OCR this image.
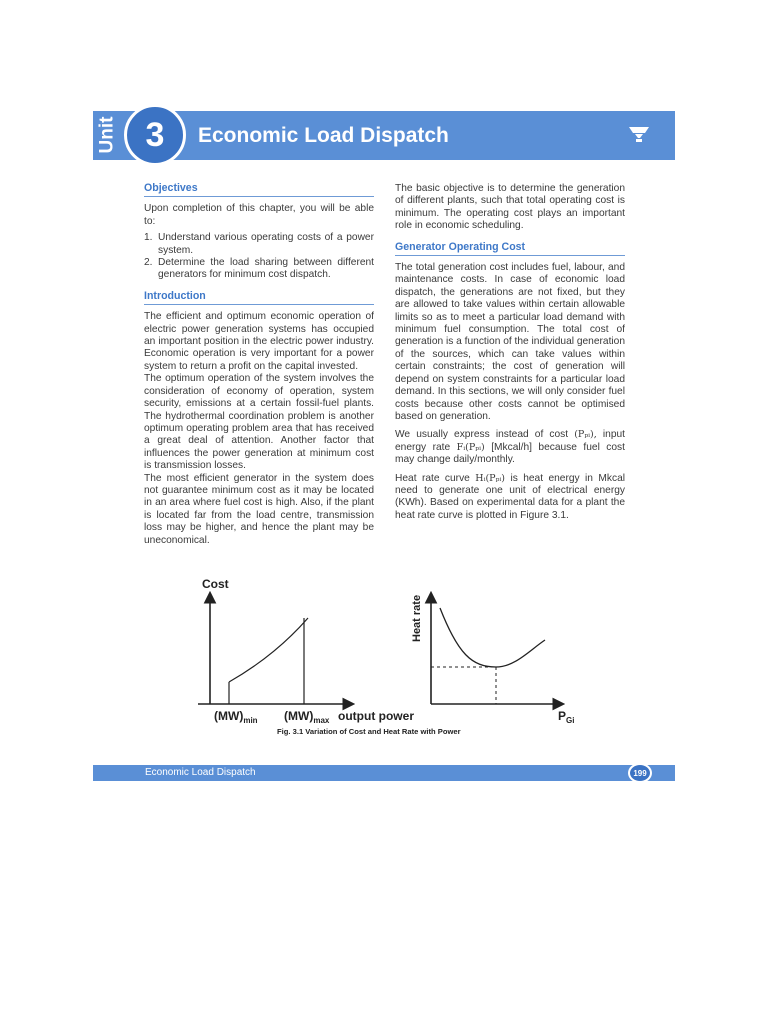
Unit 3	Economic Load Dispatch
Objectives

Upon completion of this chapter, you will be able to:

1. Understand various operating costs of a power system.
2. Determine the load sharing between different generators for minimum cost dispatch.
Introduction

The efficient and optimum economic operation of electric power generation systems has occupied an important position in the electric power industry. Economic operation is very important for a power system to return a profit on the capital invested.

The optimum operation of the system involves the consideration of economy of operation, system security, emissions at a certain fossil-fuel plants. The hydrothermal coordination problem is another optimum operating problem area that has received a great deal of attention. Another factor that influences the power generation at minimum cost is transmission losses.

The most efficient generator in the system does not guarantee minimum cost as it may be located in an area where fuel cost is high. Also, if the plant is located far from the load centre, transmission loss may be higher, and hence the plant may be uneconomical.

The basic objective is to determine the generation of different plants, such that total operating cost is minimum. The operating cost plays an important role in economic scheduling.

Generator Operating Cost

The total generation cost includes fuel, labour, and maintenance costs. In case of economic load dispatch, the generations are not fixed, but they are allowed to take values within certain allowable limits so as to meet a particular load demand with minimum fuel consumption. The total cost of generation is a function of the individual generation of the sources, which can take values within certain constraints; the cost of generation will depend on system constraints for a particular load demand. In this sections, we will only consider fuel costs because other costs cannot be optimised based on generation.

We usually express instead of cost (Pₚᵢ), input energy rate Fᵢ(Pₚᵢ) [Mkcal/h] because fuel cost may change daily/monthly.

Heat rate curve Hᵢ(Pₚᵢ) is heat energy in Mkcal need to generate one unit of electrical energy (KWh). Based on experimental data for a plant the heat rate curve is plotted in Figure 3.1.

Cost
$(MW)_{min}$ $(MW)_{max}$ output power
Heat rate
$P_{Gi}$
Fig. 3.1 Variation of Cost and Heat Rate with Power
Economic Load Dispatch	199
